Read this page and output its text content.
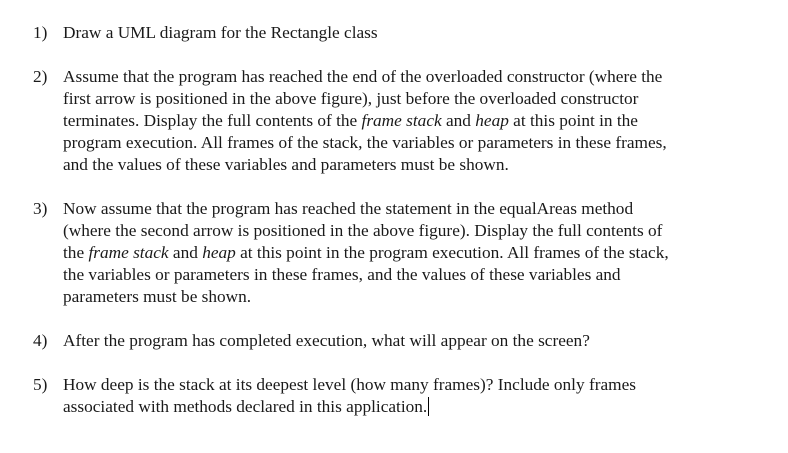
1) Draw a UML diagram for the Rectangle class
2) Assume that the program has reached the end of the overloaded constructor (where the
first arrow is positioned in the above figure), just before the overloaded constructor
terminates. Display the full contents of the frame stack and heap at this point in the
program execution. All frames of the stack, the variables or parameters in these frames,
and the values of these variables and parameters must be shown.
3) Now assume that the program has reached the statement in the equalAreas method
(where the second arrow is positioned in the above figure). Display the full contents of
the frame stack and heap at this point in the program execution. All frames of the stack,
the variables or parameters in these frames, and the values of these variables and
parameters must be shown.
4) After the program has completed execution, what will appear on the screen?
5) How deep is the stack at its deepest level (how many frames)? Include only frames
associated with methods declared in this application.
